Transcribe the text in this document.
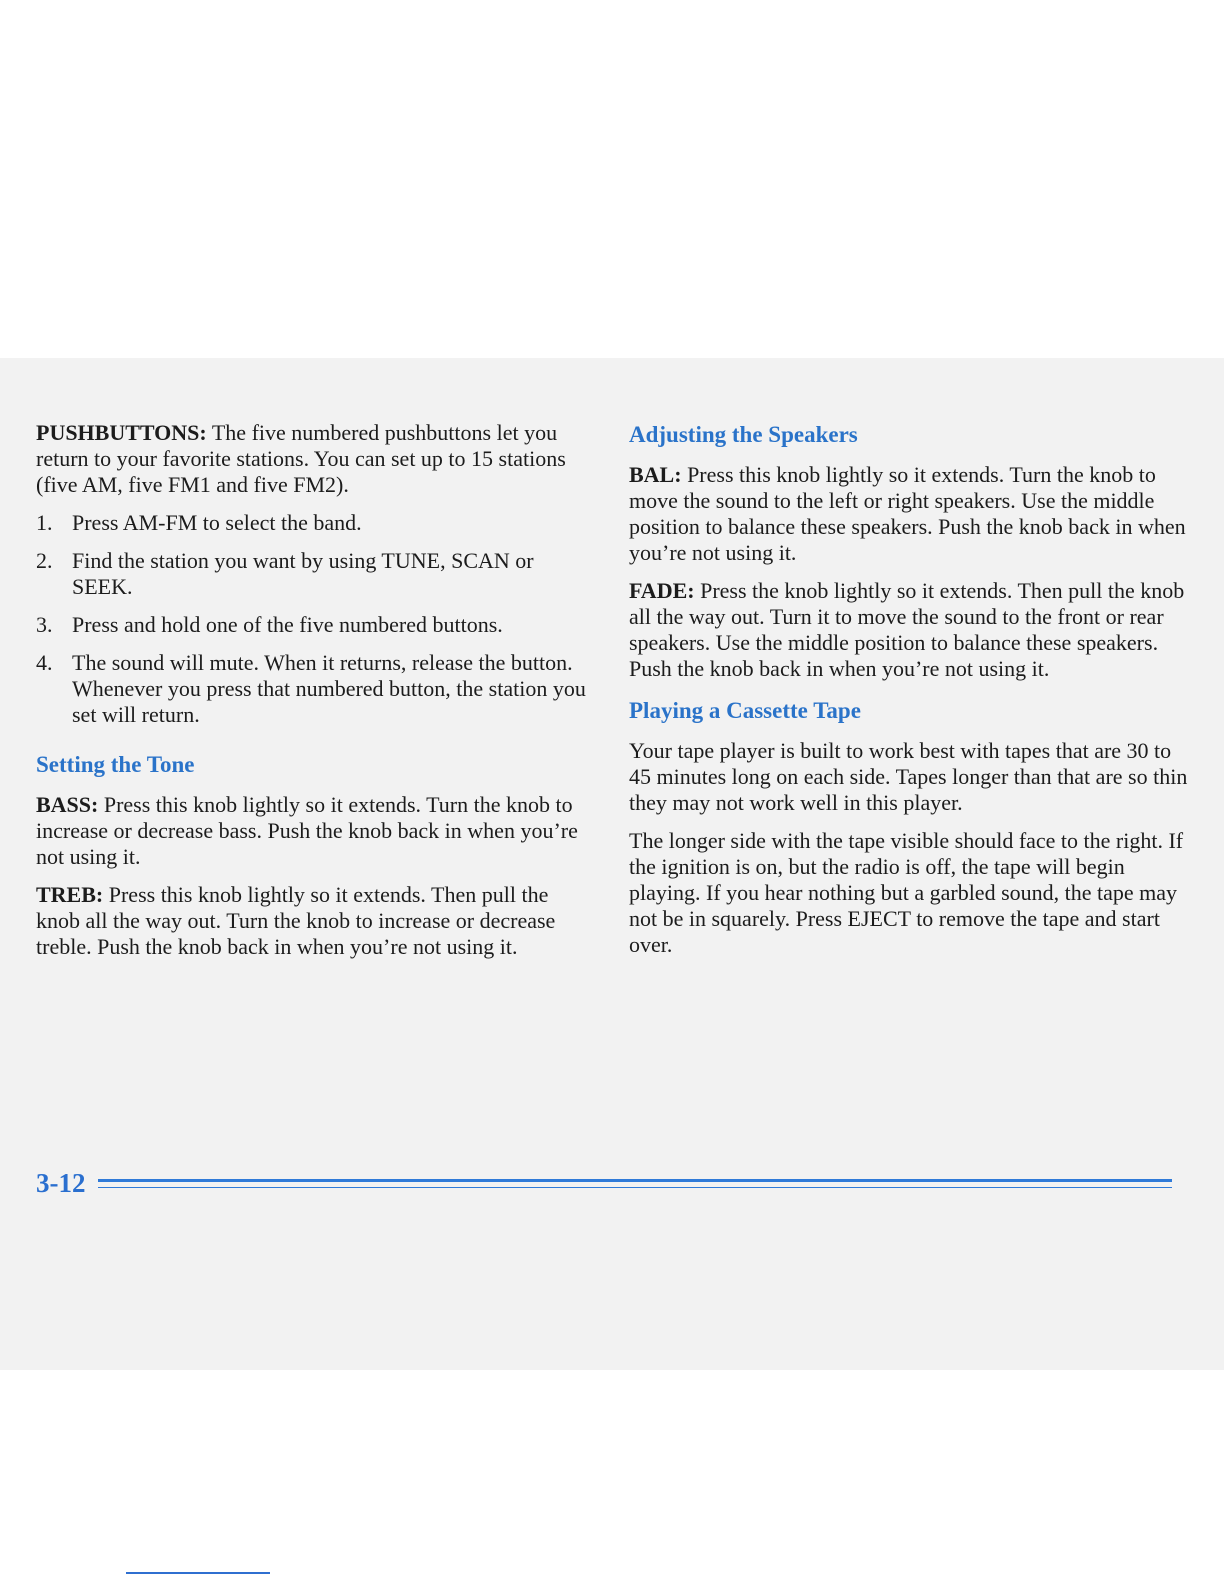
PUSHBUTTONS: The five numbered pushbuttons let you return to your favorite stations. You can set up to 15 stations (five AM, five FM1 and five FM2).

1. Press AM-FM to select the band.
2. Find the station you want by using TUNE, SCAN or SEEK.
3. Press and hold one of the five numbered buttons.
4. The sound will mute. When it returns, release the button. Whenever you press that numbered button, the station you set will return.
Setting the Tone

BASS: Press this knob lightly so it extends. Turn the knob to increase or decrease bass. Push the knob back in when you’re not using it.

TREB: Press this knob lightly so it extends. Then pull the knob all the way out. Turn the knob to increase or decrease treble. Push the knob back in when you’re not using it.

Adjusting the Speakers

BAL: Press this knob lightly so it extends. Turn the knob to move the sound to the left or right speakers. Use the middle position to balance these speakers. Push the knob back in when you’re not using it.

FADE: Press the knob lightly so it extends. Then pull the knob all the way out. Turn it to move the sound to the front or rear speakers. Use the middle position to balance these speakers. Push the knob back in when you’re not using it.

Playing a Cassette Tape

Your tape player is built to work best with tapes that are 30 to 45 minutes long on each side. Tapes longer than that are so thin they may not work well in this player.

The longer side with the tape visible should face to the right. If the ignition is on, but the radio is off, the tape will begin playing. If you hear nothing but a garbled sound, the tape may not be in squarely. Press EJECT to remove the tape and start over.

3-12
